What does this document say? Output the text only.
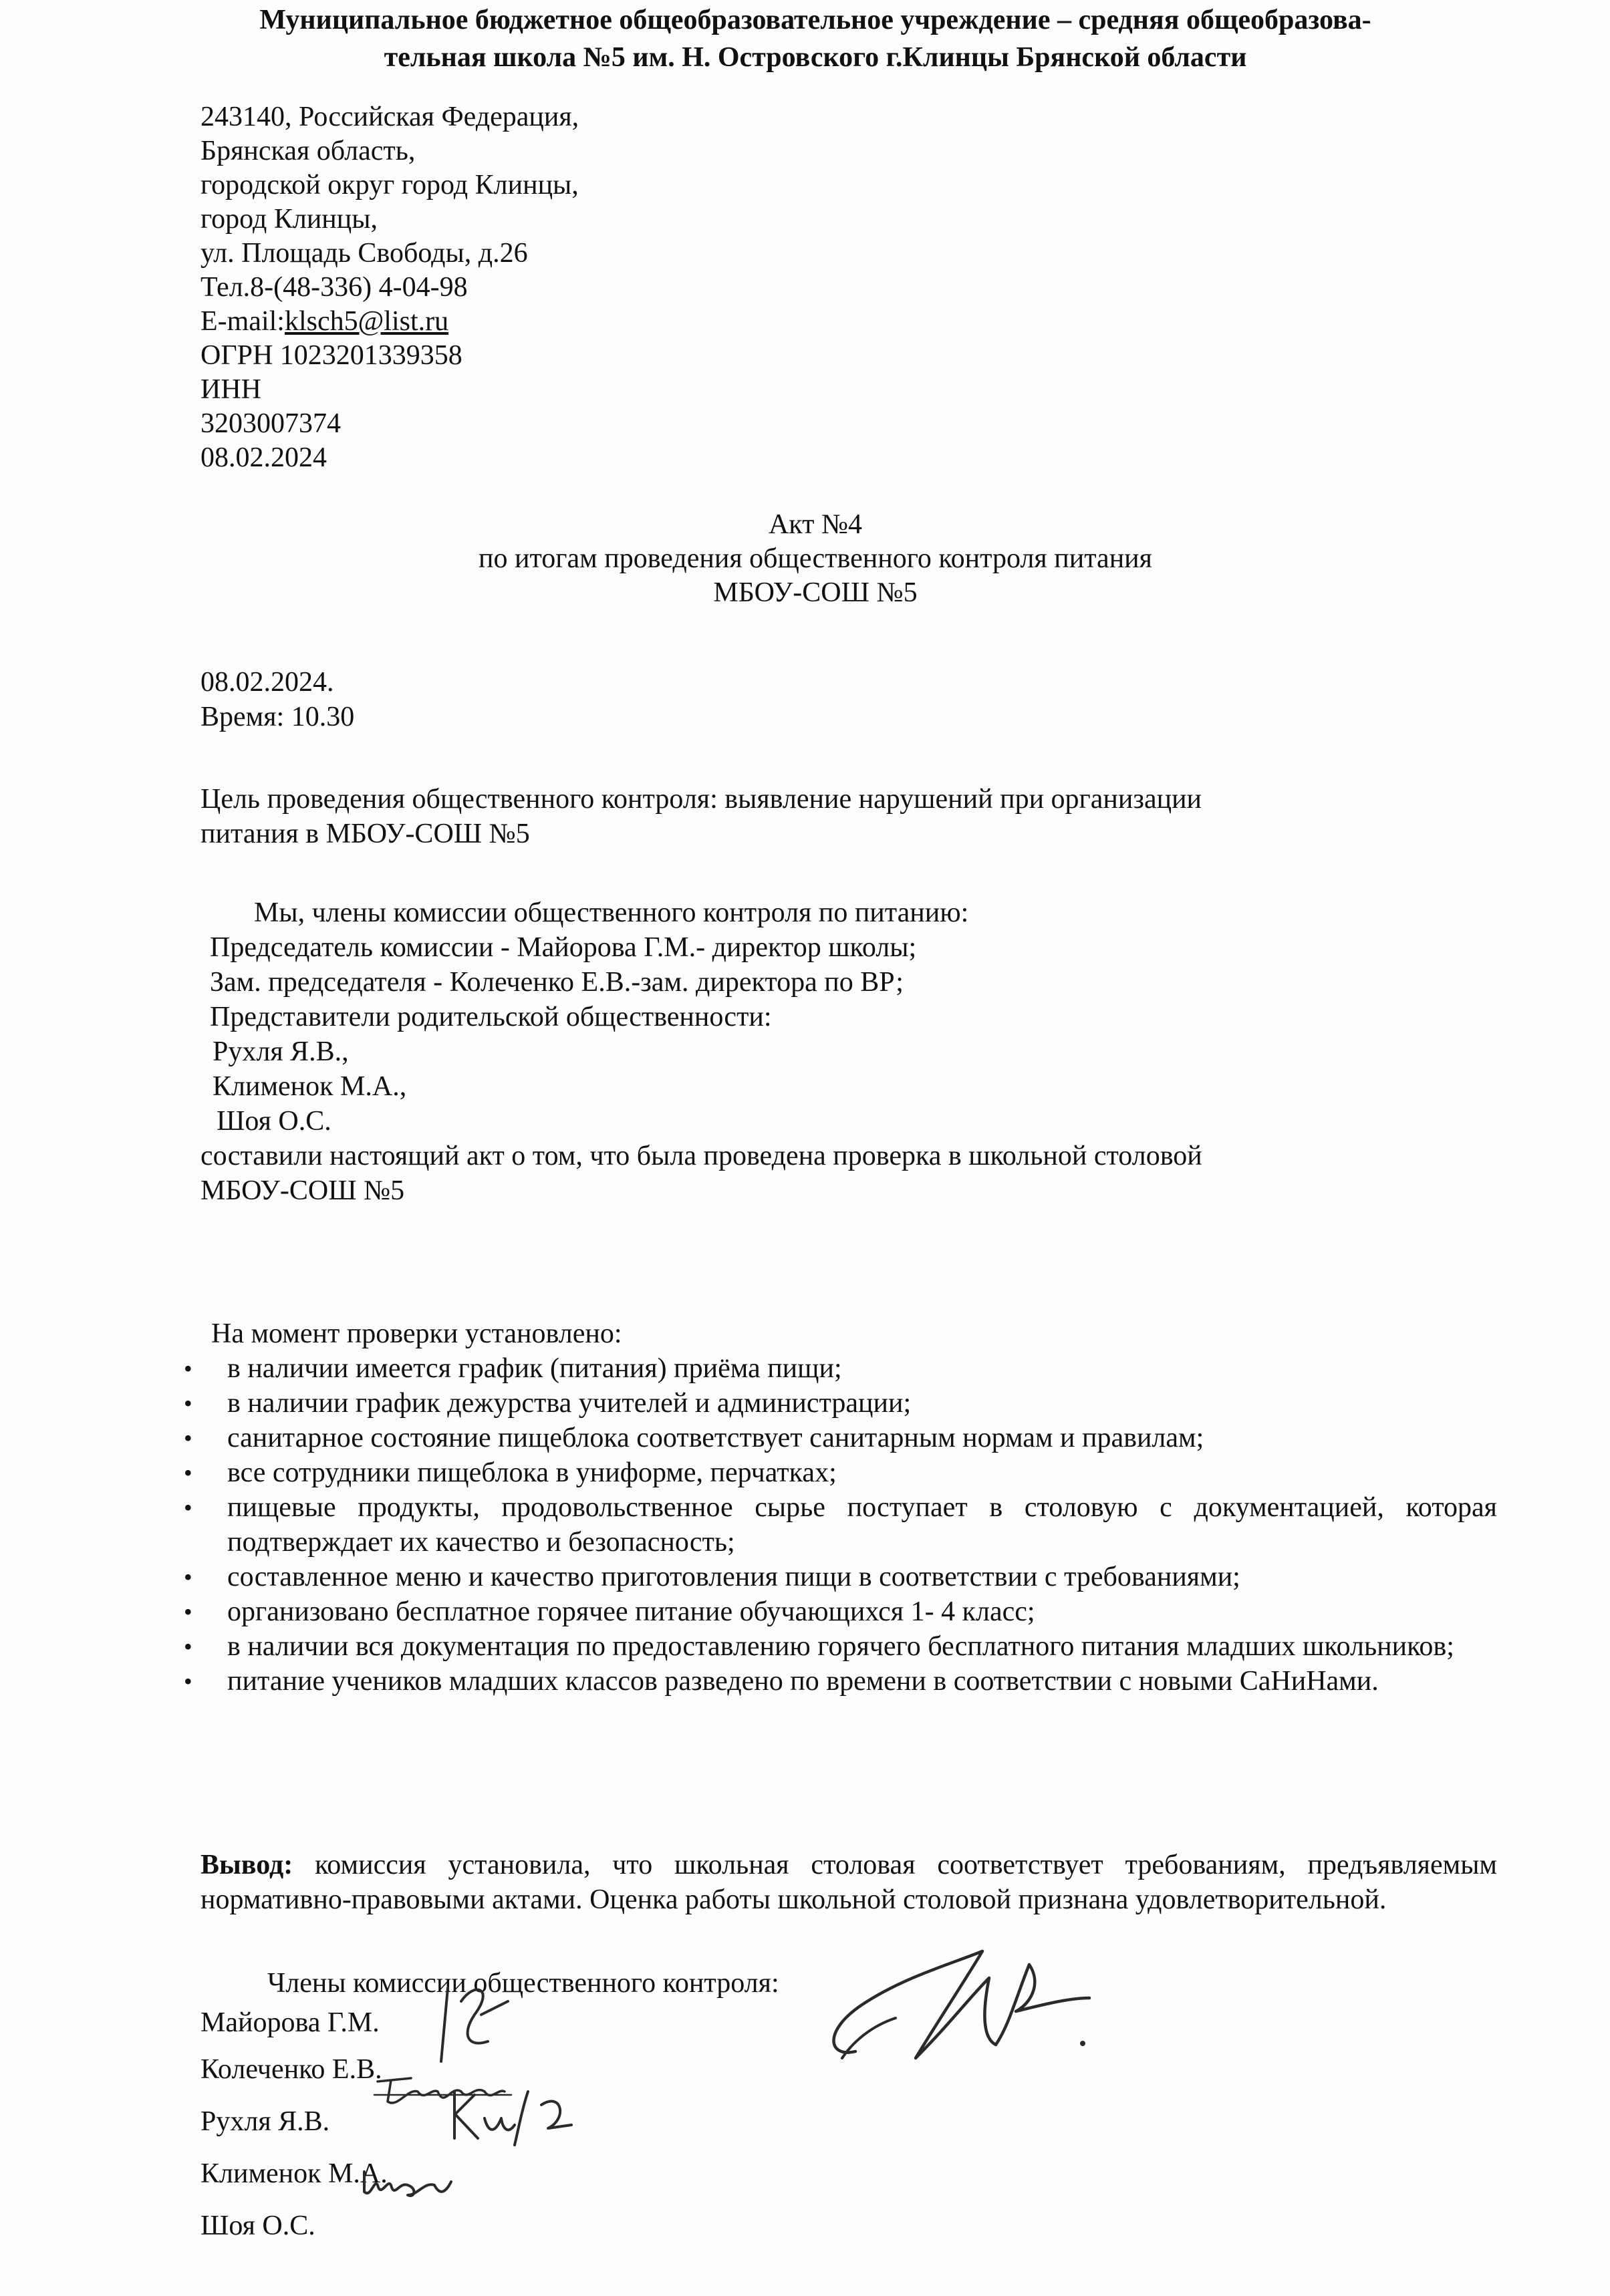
Муниципальное бюджетное общеобразовательное учреждение – средняя общеобразова-
тельная школа №5 им. Н. Островского г.Клинцы Брянской области
243140, Российская Федерация,
Брянская область,
городской округ город Клинцы,
город Клинцы,
ул. Площадь Свободы, д.26
Тел.8-(48-336) 4-04-98
E-mail:klsch5@list.ru
ОГРН 1023201339358
ИНН
3203007374
08.02.2024
Акт №4
по итогам проведения общественного контроля питания
МБОУ-СОШ №5
08.02.2024.
Время: 10.30
Цель проведения общественного контроля: выявление нарушений при организации
питания в МБОУ-СОШ №5
Мы, члены комиссии общественного контроля по питанию:
Председатель комиссии - Майорова Г.М.- директор школы;
Зам. председателя - Колеченко Е.В.-зам. директора по ВР;
Представители родительской общественности:
Рухля Я.В.,
Клименок М.А.,
Шоя О.С.
составили настоящий акт о том, что была проведена проверка в школьной столовой
МБОУ-СОШ №5
На момент проверки установлено:
• в наличии имеется график (питания) приёма пищи;
• в наличии график дежурства учителей и администрации;
• санитарное состояние пищеблока соответствует санитарным нормам и правилам;
• все сотрудники пищеблока в униформе, перчатках;
• пищевые продукты, продовольственное сырье поступает в столовую с документацией, которая подтверждает их качество и безопасность;
• составленное меню и качество приготовления пищи в соответствии с требованиями;
• организовано бесплатное горячее питание обучающихся 1- 4 класс;
• в наличии вся документация по предоставлению горячего бесплатного питания младших школьников;
• питание учеников младших классов разведено по времени в соответствии с новыми СаНиНами.
Вывод: комиссия установила, что школьная столовая соответствует требованиям, предъявляемым нормативно-правовыми актами. Оценка работы школьной столовой признана удовлетворительной.
Члены комиссии общественного контроля:
Майорова Г.М.
Колеченко Е.В.
Рухля Я.В.
Клименок М.А.
Шоя О.С.
